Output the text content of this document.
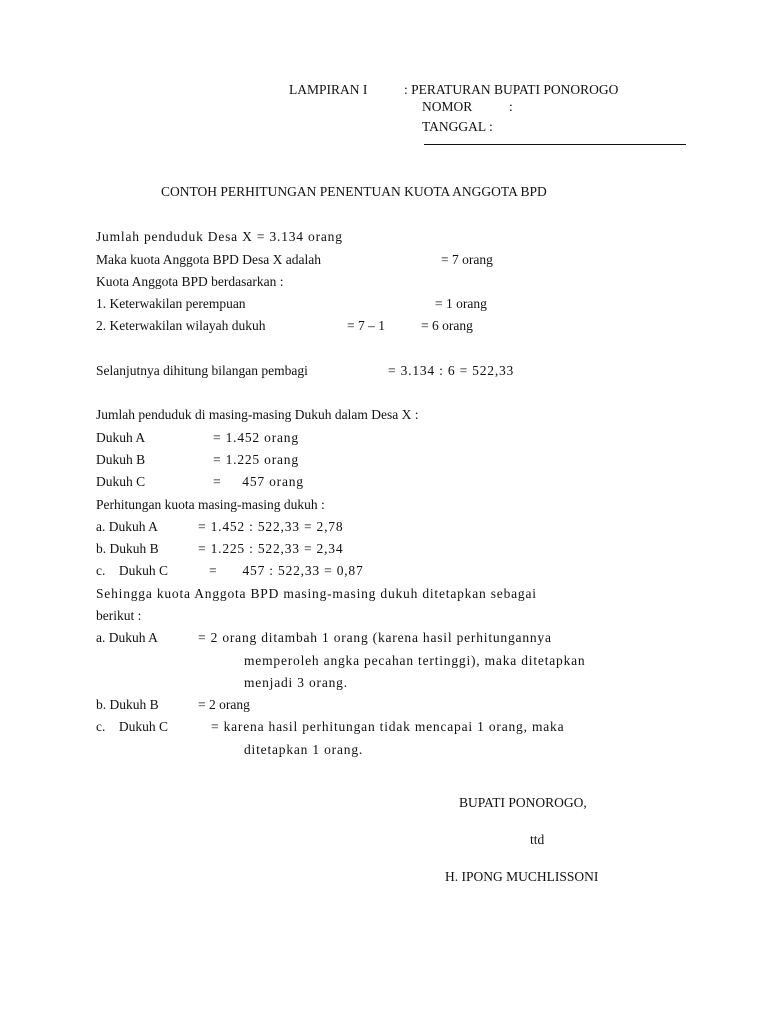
LAMPIRAN I	: PERATURAN BUPATI PONOROGO
NOMOR	:
TANGGAL :
CONTOH PERHITUNGAN PENENTUAN KUOTA ANGGOTA BPD
Jumlah penduduk Desa X = 3.134 orang
Maka kuota Anggota BPD Desa X adalah	= 7 orang
Kuota Anggota BPD berdasarkan :
1. Keterwakilan perempuan	= 1 orang
2. Keterwakilan wilayah dukuh	= 7 – 1	= 6 orang
Selanjutnya dihitung bilangan pembagi	= 3.134 : 6 = 522,33
Jumlah penduduk di masing-masing Dukuh dalam Desa X :
Dukuh A	= 1.452 orang
Dukuh B	= 1.225 orang
Dukuh C	=     457 orang
Perhitungan kuota masing-masing dukuh :
a. Dukuh A	= 1.452 : 522,33 = 2,78
b. Dukuh B	= 1.225 : 522,33 = 2,34
c.    Dukuh C	=      457 : 522,33 = 0,87
Sehingga kuota Anggota BPD masing-masing dukuh ditetapkan sebagai
berikut :
a. Dukuh A	= 2 orang ditambah 1 orang (karena hasil perhitungannya
memperoleh angka pecahan tertinggi), maka ditetapkan
menjadi 3 orang.
b. Dukuh B	= 2 orang
c.    Dukuh C	= karena hasil perhitungan tidak mencapai 1 orang, maka
ditetapkan 1 orang.
BUPATI PONOROGO,
ttd
H. IPONG MUCHLISSONI
